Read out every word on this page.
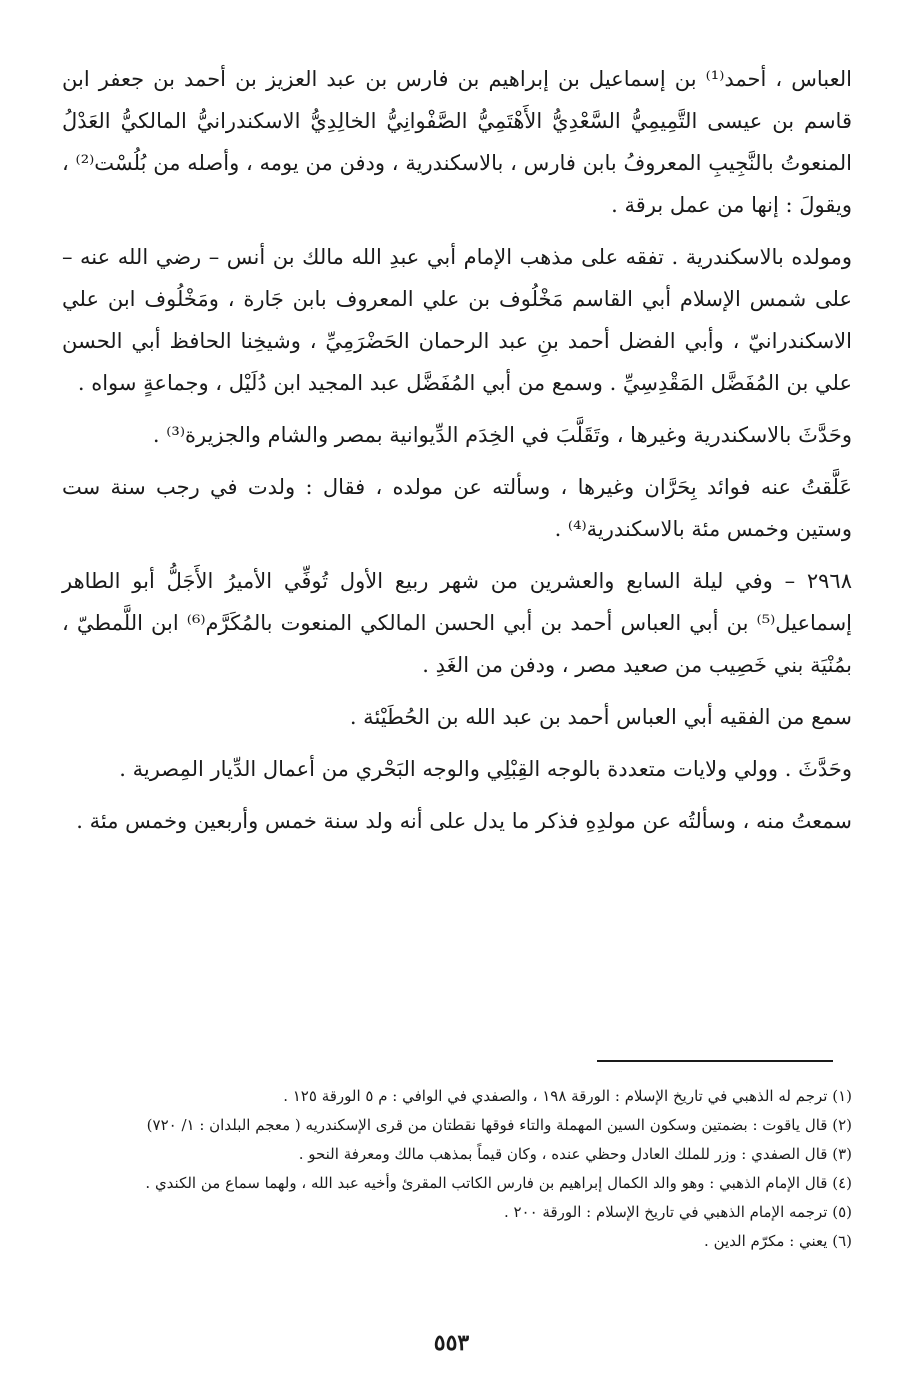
العباس ، أحمد⁽¹⁾ بن إسماعيل بن إبراهيم بن فارس بن عبد العزيز بن أحمد بن جعفر ابن قاسم بن عيسى التَّمِيمِيُّ السَّعْدِيُّ الأَهْتَمِيُّ الصَّفْوانِيُّ الخالِدِيُّ الاسكندرانيُّ المالكيُّ العَدْلُ المنعوتُ بالنَّجِيبِ المعروفُ بابن فارس ، بالاسكندرية ، ودفن من يومه ، وأصله من بُلُسْت⁽²⁾ ، ويقولَ : إنها من عمل برقة .

ومولده بالاسكندرية . تفقه على مذهب الإمام أبي عبدِ الله مالك بن أنس – رضي الله عنه – على شمس الإسلام أبي القاسم مَخْلُوف بن علي المعروف بابن جَارة ، ومَخْلُوف ابن علي الاسكندرانيّ ، وأبي الفضل أحمد بنِ عبد الرحمان الحَضْرَمِيِّ ، وشيخِنا الحافظ أبي الحسن علي بن المُفَضَّل المَقْدِسِيِّ . وسمع من أبي المُفَضَّل عبد المجيد ابن دُلَيْل ، وجماعةٍ سواه .

وحَدَّثَ بالاسكندرية وغيرها ، وتَقَلَّبَ في الخِدَم الدِّيوانية بمصر والشام والجزيرة⁽³⁾ .

عَلَّقتُ عنه فوائد بِحَرَّان وغيرها ، وسألته عن مولده ، فقال : ولدت في رجب سنة ست وستين وخمس مئة بالاسكندرية⁽⁴⁾ .

٢٩٦٨ – وفي ليلة السابع والعشرين من شهر ربيع الأول تُوفِّي الأميرُ الأَجَلُّ أبو الطاهر إسماعيل⁽⁵⁾ بن أبي العباس أحمد بن أبي الحسن المالكي المنعوت بالمُكَرَّم⁽⁶⁾ ابن اللَّمطيّ ، بمُنْيَة بني خَصِيب من صعيد مصر ، ودفن من الغَدِ .

سمع من الفقيه أبي العباس أحمد بن عبد الله بن الحُطَيْئة .

وحَدَّثَ . وولي ولايات متعددة بالوجه القِبْلِي والوجه البَحْري من أعمال الدِّيار المِصرية .

سمعتُ منه ، وسألتُه عن مولدِهِ فذكر ما يدل على أنه ولد سنة خمس وأربعين وخمس مئة .

(١) ترجم له الذهبي في تاريخ الإسلام : الورقة ١٩٨ ، والصفدي في الوافي : م ٥ الورقة ١٢٥ .

(٢) قال ياقوت : بضمتين وسكون السين المهملة والتاء فوقها نقطتان من قرى الإسكندريه ( معجم البلدان : ١/ ٧٢٠)

(٣) قال الصفدي : وزر للملك العادل وحظي عنده ، وكان قيماً بمذهب مالك ومعرفة النحو .

(٤) قال الإمام الذهبي : وهو والد الكمال إبراهيم بن فارس الكاتب المقرئ وأخيه عبد الله ، ولهما سماع من الكندي .

(٥) ترجمه الإمام الذهبي في تاريخ الإسلام : الورقة ٢٠٠ .

(٦) يعني : مكرّم الدين .

٥٥٣
